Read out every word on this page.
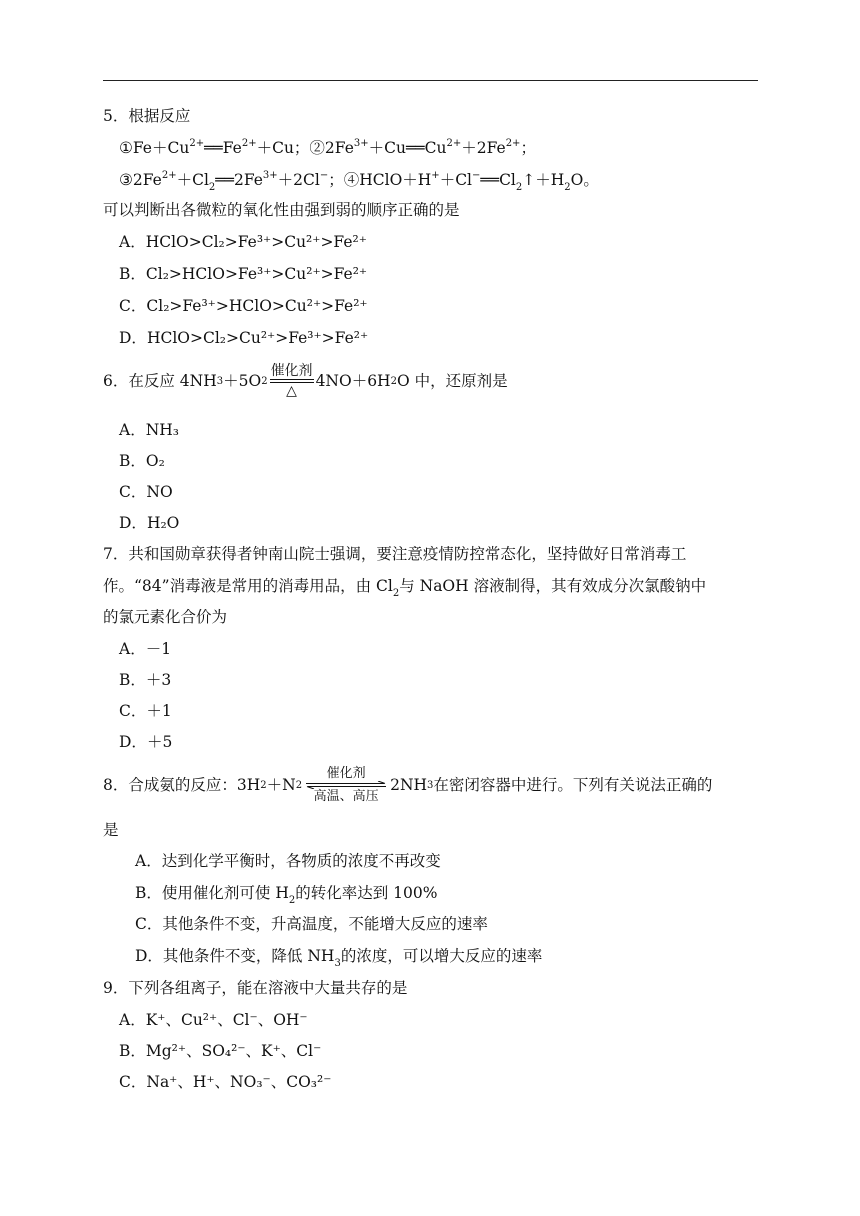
5．根据反应
$①Fe+Cu^{2+}══Fe^{2+}+Cu$；$②2Fe^{3+}+Cu══Cu^{2+}+2Fe^{2+}$；
$③2Fe^{2+}+Cl_2══2Fe^{3+}+2Cl^-$；$④HClO+H^++Cl^-══Cl_2↑+H_2O$。
可以判断出各微粒的氧化性由强到弱的顺序正确的是
A．HClO>Cl₂>Fe³⁺>Cu²⁺>Fe²⁺
B．Cl₂>HClO>Fe³⁺>Cu²⁺>Fe²⁺
C．Cl₂>Fe³⁺>HClO>Cu²⁺>Fe²⁺
D．HClO>Cl₂>Cu²⁺>Fe³⁺>Fe²⁺
6．在反应 $4NH_3 +5O_2$
催化剂
△
$4NO+6H_2$ O 中，还原剂是
A．NH₃
B．O₂
C．NO
D．H₂O
7．共和国勋章获得者钟南山院士强调，要注意疫情防控常态化，坚持做好日常消毒工
作。“84”消毒液是常用的消毒用品，由 $Cl_2$与 NaOH 溶液制得，其有效成分次氯酸钠中
的氯元素化合价为
A．－1
B．＋3
C．＋1
D．＋5
8．合成氨的反应：$3H_2 +N_2$
催化剂
高温、高压
$2NH_3$ 在密闭容器中进行。下列有关说法正确的
是
A．达到化学平衡时，各物质的浓度不再改变
B．使用催化剂可使 $H_2$的转化率达到 100%
C．其他条件不变，升高温度，不能增大反应的速率
D．其他条件不变，降低 $NH_3$的浓度，可以增大反应的速率
9．下列各组离子，能在溶液中大量共存的是
A．K⁺、Cu²⁺、Cl⁻、OH⁻
B．Mg²⁺、SO₄²⁻、K⁺、Cl⁻
C．Na⁺、H⁺、NO₃⁻、CO₃²⁻
